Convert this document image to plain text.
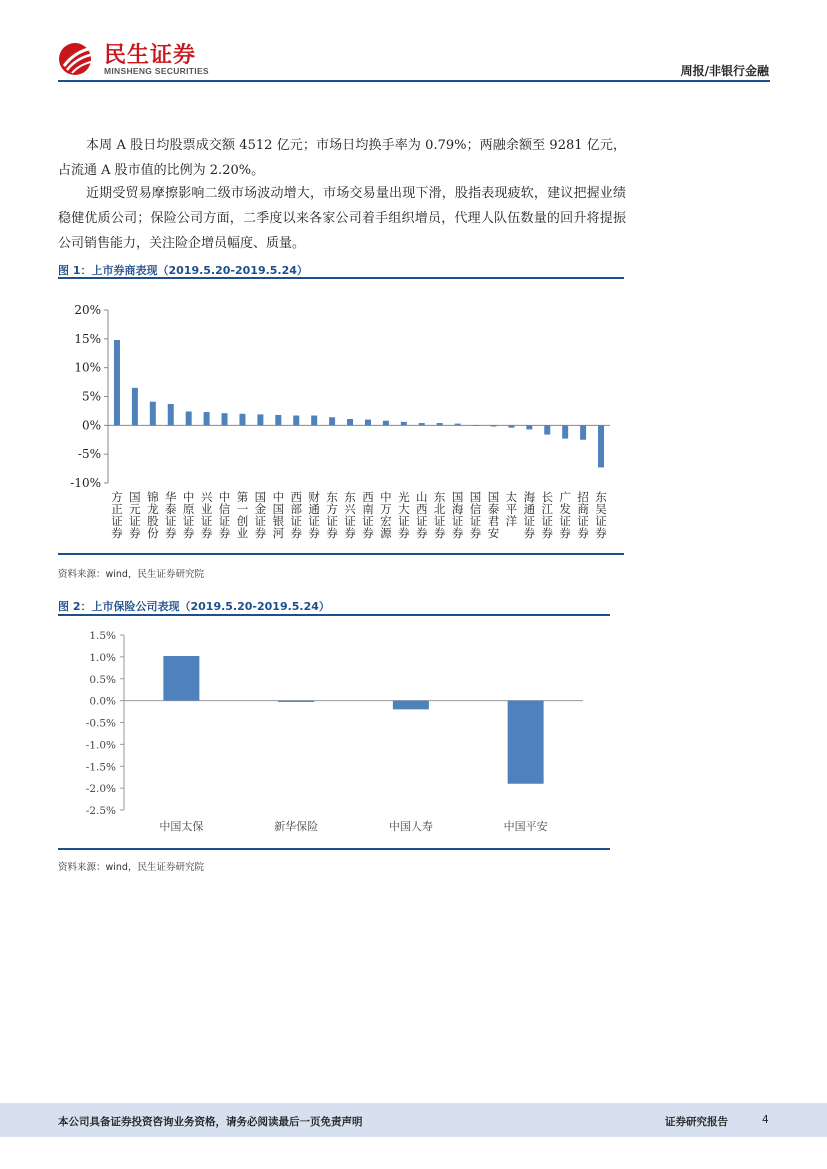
民生证券
MINSHENG SECURITIES	周报/非银行金融
本周 A 股日均股票成交额 4512 亿元；市场日均换手率为 0.79%；两融余额至 9281 亿元，占流通 A 股市值的比例为 2.20%。
近期受贸易摩擦影响二级市场波动增大，市场交易量出现下滑，股指表现疲软，建议把握业绩稳健优质公司；保险公司方面，二季度以来各家公司着手组织增员，代理人队伍数量的回升将提振公司销售能力，关注险企增员幅度、质量。
图 1：上市券商表现（2019.5.20-2019.5.24）
20%
15%
10%
5%
0%
-5%
-10%
方正证券 国元证券 锦龙股份 华泰证券 中原证券 兴业证券 中信证券 第一创业 国金证券 中国银河 西部证券 财通证券 东方证券 东兴证券 西南证券 中万宏源 光大证券 山西证券 东北证券 国海证券 国信证券 国泰君安 太平洋 海通证券 长江证券 广发证券 招商证券 东吴证券
资料来源：wind，民生证券研究院
图 2：上市保险公司表现（2019.5.20-2019.5.24）
1.5%
1.0%
0.5%
0.0%
-0.5%
-1.0%
-1.5%
-2.0%
-2.5%
中国太保	新华保险	中国人寿	中国平安
资料来源：wind，民生证券研究院
本公司具备证券投资咨询业务资格，请务必阅读最后一页免责声明	证券研究报告	4
